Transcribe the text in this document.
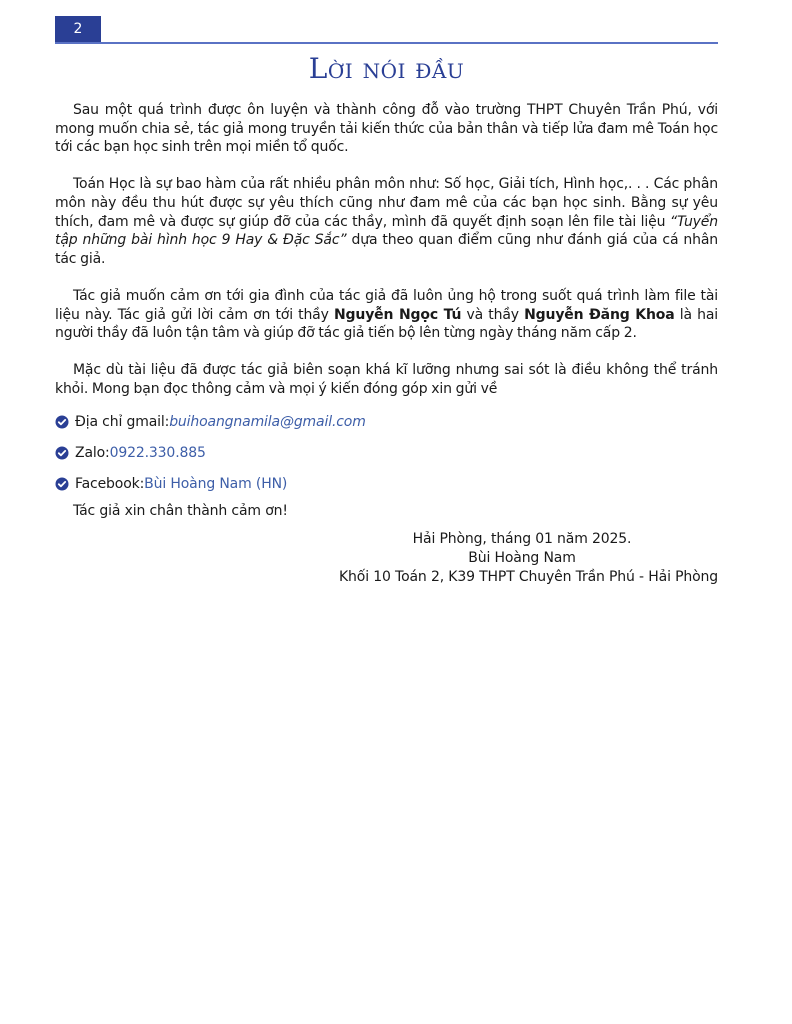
2
Lời nói đầu

Sau một quá trình được ôn luyện và thành công đỗ vào trường THPT Chuyên Trần Phú, với mong muốn chia sẻ, tác giả mong truyền tải kiến thức của bản thân và tiếp lửa đam mê Toán học tới các bạn học sinh trên mọi miền tổ quốc.

Toán Học là sự bao hàm của rất nhiều phân môn như: Số học, Giải tích, Hình học,. . . Các phân môn này đều thu hút được sự yêu thích cũng như đam mê của các bạn học sinh. Bằng sự yêu thích, đam mê và được sự giúp đỡ của các thầy, mình đã quyết định soạn lên file tài liệu “Tuyển tập những bài hình học 9 Hay & Đặc Sắc” dựa theo quan điểm cũng như đánh giá của cá nhân tác giả.

Tác giả muốn cảm ơn tới gia đình của tác giả đã luôn ủng hộ trong suốt quá trình làm file tài liệu này. Tác giả gửi lời cảm ơn tới thầy Nguyễn Ngọc Tú và thầy Nguyễn Đăng Khoa là hai người thầy đã luôn tận tâm và giúp đỡ tác giả tiến bộ lên từng ngày tháng năm cấp 2.

Mặc dù tài liệu đã được tác giả biên soạn khá kĩ lưỡng nhưng sai sót là điều không thể tránh khỏi. Mong bạn đọc thông cảm và mọi ý kiến đóng góp xin gửi về

Địa chỉ gmail: buihoangnamila@gmail.com
Zalo: 0922.330.885
Facebook: Bùi Hoàng Nam (HN)

Tác giả xin chân thành cảm ơn!

Hải Phòng, tháng 01 năm 2025.
Bùi Hoàng Nam
Khối 10 Toán 2, K39 THPT Chuyên Trần Phú - Hải Phòng
